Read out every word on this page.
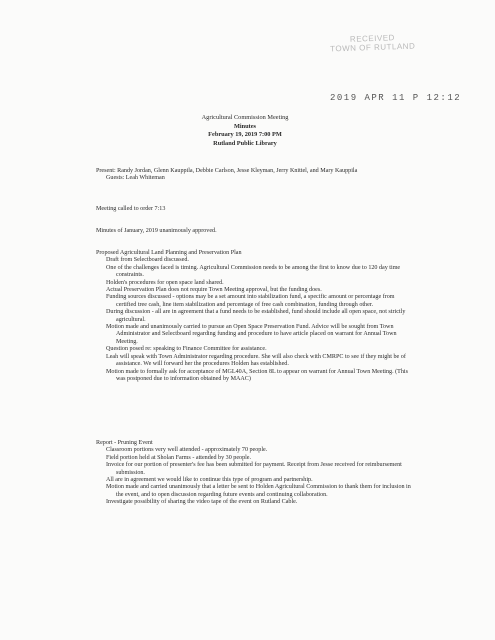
RECEIVED
TOWN OF RUTLAND
2019 APR 11 P 12:12
Agricultural Commission Meeting
Minutes
February 19, 2019 7:00 PM
Rutland Public Library

Present: Randy Jordan, Glenn Kauppila, Debbie Carlson, Jesse Kleyman, Jerry Knittel, and Mary Kauppila

Guests: Leah Whiteman

Meeting called to order 7:13
Minutes of January, 2019 unanimously approved.

Proposed Agricultural Land Planning and Preservation Plan

Draft from Selectboard discussed.

One of the challenges faced is timing. Agricultural Commission needs to be among the first to know due to 120 day time constraints.

Holden's procedures for open space land shared.

Actual Preservation Plan does not require Town Meeting approval, but the funding does.

Funding sources discussed - options may be a set amount into stabilization fund, a specific amount or percentage from certified tree cash, line item stabilization and percentage of free cash combination, funding through other.

During discussion - all are in agreement that a fund needs to be established, fund should include all open space, not strictly agricultural.

Motion made and unanimously carried to pursue an Open Space Preservation Fund. Advice will be sought from Town Administrator and Selectboard regarding funding and procedure to have article placed on warrant for Annual Town Meeting.

Question posed re: speaking to Finance Committee for assistance.

Leah will speak with Town Administrator regarding procedure. She will also check with CMRPC to see if they might be of assistance. We will forward her the procedures Holden has established.

Motion made to formally ask for acceptance of MGL40A, Section 8L to appear on warrant for Annual Town Meeting. (This was postponed due to information obtained by MAAC)

Report - Pruning Event

Classroom portions very well attended - approximately 70 people.

Field portion held at Sholan Farms - attended by 30 people.

Invoice for our portion of presenter's fee has been submitted for payment. Receipt from Jesse received for reimbursement submission.

All are in agreement we would like to continue this type of program and partnership.

Motion made and carried unanimously that a letter be sent to Holden Agricultural Commission to thank them for inclusion in the event, and to open discussion regarding future events and continuing collaboration.

Investigate possibility of sharing the video tape of the event on Rutland Cable.
